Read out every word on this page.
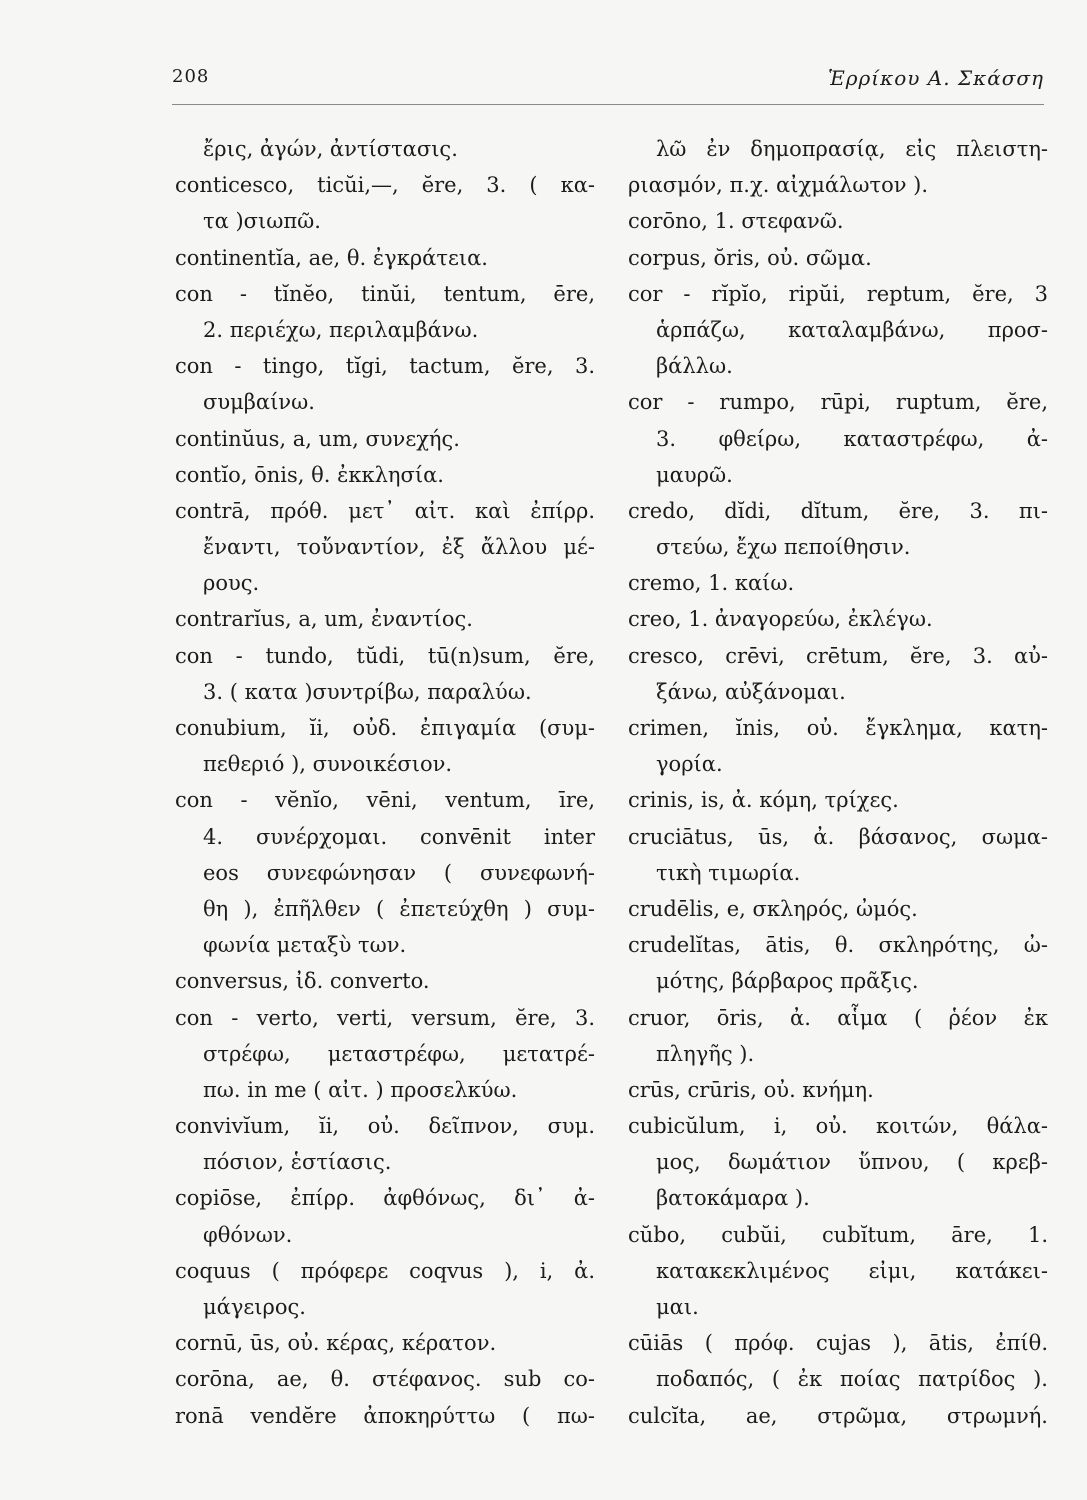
208	Ἑρρίκου Α. Σκάσση
ἔρις, ἀγών, ἀντίστασις.
conticesco, ticŭi,—, ĕre, 3. ( κα-
τα )σιωπῶ.
continentĭa, ae, θ. ἐγκράτεια.
con - tĭnĕo, tinŭi, tentum, ēre,
2. περιέχω, περιλαμβάνω.
con - tingo, tĭgi, tactum, ĕre, 3.
συμβαίνω.
continŭus, a, um, συνεχής.
contĭo, ōnis, θ. ἐκκλησία.
contrā, πρόθ. μετ᾽ αἰτ. καὶ ἐπίρρ.
ἔναντι, τοὔναντίον, ἐξ ἄλλου μέ-
ρους.
contrarĭus, a, um, ἐναντίος.
con - tundo, tŭdi, tū(n)sum, ĕre,
3. ( κατα )συντρίβω, παραλύω.
conubium, ĭi, οὐδ. ἐπιγαμία (συμ-
πεθεριό ), συνοικέσιον.
con - vĕnĭo, vēni, ventum, īre,
4. συνέρχομαι. convēnit inter
eos συνεφώνησαν ( συνεφωνή-
θη ), ἐπῆλθεν ( ἐπετεύχθη ) συμ-
φωνία μεταξὺ των.
conversus, ἰδ. converto.
con - verto, verti, versum, ĕre, 3.
στρέφω, μεταστρέφω, μετατρέ-
πω. in me ( αἰτ. ) προσελκύω.
convivĭum, ĭi, οὐ. δεῖπνον, συμ.
πόσιον, ἑστίασις.
copiōse, ἐπίρρ. ἀφθόνως, δι᾽ ἀ-
φθόνων.
coquus ( πρόφερε coqvus ), i, ἀ.
μάγειρος.
cornū, ūs, οὐ. κέρας, κέρατον.
corōna, ae, θ. στέφανος. sub co-
ronā vendĕre ἀποκηρύττω ( πω-
λῶ ἐν δημοπρασίᾳ, εἰς πλειστη-
ριασμόν, π.χ. αἰχμάλωτον ).
corōno, 1. στεφανῶ.
corpus, ŏris, οὐ. σῶμα.
cor - rĭpĭo, ripŭi, reptum, ĕre, 3
ἁρπάζω, καταλαμβάνω, προσ-
βάλλω.
cor - rumpo, rūpi, ruptum, ĕre,
3. φθείρω, καταστρέφω, ἀ-
μαυρῶ.
credo, dĭdi, dĭtum, ĕre, 3. πι-
στεύω, ἔχω πεποίθησιν.
cremo, 1. καίω.
creo, 1. ἀναγορεύω, ἐκλέγω.
cresco, crēvi, crētum, ĕre, 3. αὐ-
ξάνω, αὐξάνομαι.
crimen, ĭnis, οὐ. ἔγκλημα, κατη-
γορία.
crinis, is, ἀ. κόμη, τρίχες.
cruciātus, ūs, ἀ. βάσανος, σωμα-
τικὴ τιμωρία.
crudēlis, e, σκληρός, ὠμός.
crudelĭtas, ātis, θ. σκληρότης, ὠ-
μότης, βάρβαρος πρᾶξις.
cruor, ōris, ἀ. αἷμα ( ῥέον ἐκ
πληγῆς ).
crūs, crūris, οὐ. κνήμη.
cubicŭlum, i, οὐ. κοιτών, θάλα-
μος, δωμάτιον ὕπνου, ( κρεβ-
βατοκάμαρα ).
cŭbo, cubŭi, cubĭtum, āre, 1.
κατακεκλιμένος εἰμι, κατάκει-
μαι.
cūiās ( πρόφ. cujas ), ātis, ἐπίθ.
ποδαπός, ( ἐκ ποίας πατρίδος ).
culcĭta, ae, στρῶμα, στρωμνή.
